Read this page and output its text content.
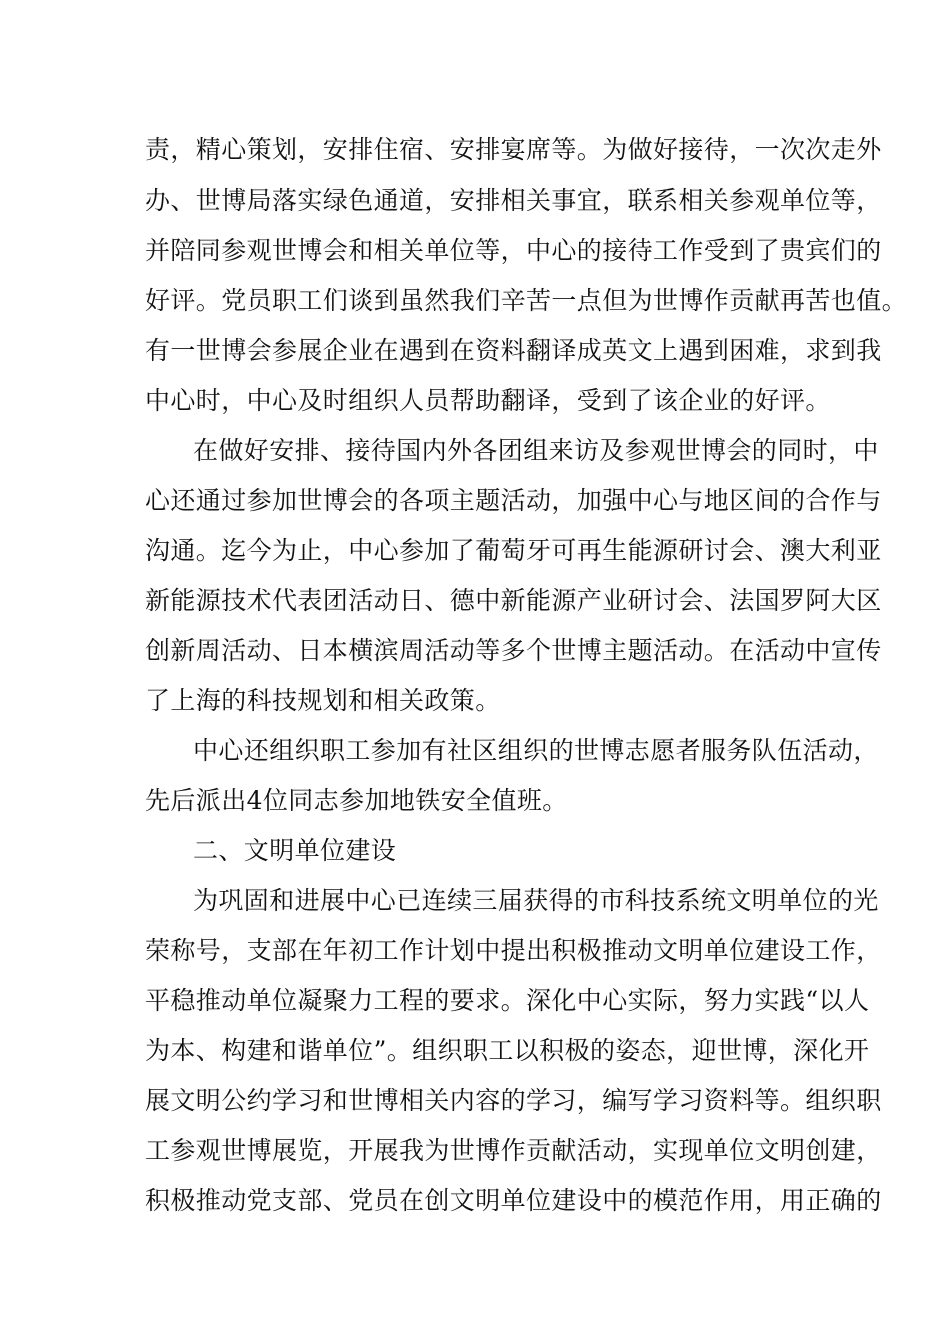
责，精心策划，安排住宿、安排宴席等。为做好接待，一次次走外
办、世博局落实绿色通道，安排相关事宜，联系相关参观单位等，
并陪同参观世博会和相关单位等，中心的接待工作受到了贵宾们的
好评。党员职工们谈到虽然我们辛苦一点但为世博作贡献再苦也值。
有一世博会参展企业在遇到在资料翻译成英文上遇到困难，求到我
中心时，中心及时组织人员帮助翻译，受到了该企业的好评。
在做好安排、接待国内外各团组来访及参观世博会的同时，中
心还通过参加世博会的各项主题活动，加强中心与地区间的合作与
沟通。迄今为止，中心参加了葡萄牙可再生能源研讨会、澳大利亚
新能源技术代表团活动日、德中新能源产业研讨会、法国罗阿大区
创新周活动、日本横滨周活动等多个世博主题活动。在活动中宣传
了上海的科技规划和相关政策。
中心还组织职工参加有社区组织的世博志愿者服务队伍活动，
先后派出4位同志参加地铁安全值班。
二、文明单位建设
为巩固和进展中心已连续三届获得的市科技系统文明单位的光
荣称号，支部在年初工作计划中提出积极推动文明单位建设工作，
平稳推动单位凝聚力工程的要求。深化中心实际，努力实践“以人
为本、构建和谐单位”。组织职工以积极的姿态，迎世博，深化开
展文明公约学习和世博相关内容的学习，编写学习资料等。组织职
工参观世博展览，开展我为世博作贡献活动，实现单位文明创建，
积极推动党支部、党员在创文明单位建设中的模范作用，用正确的
